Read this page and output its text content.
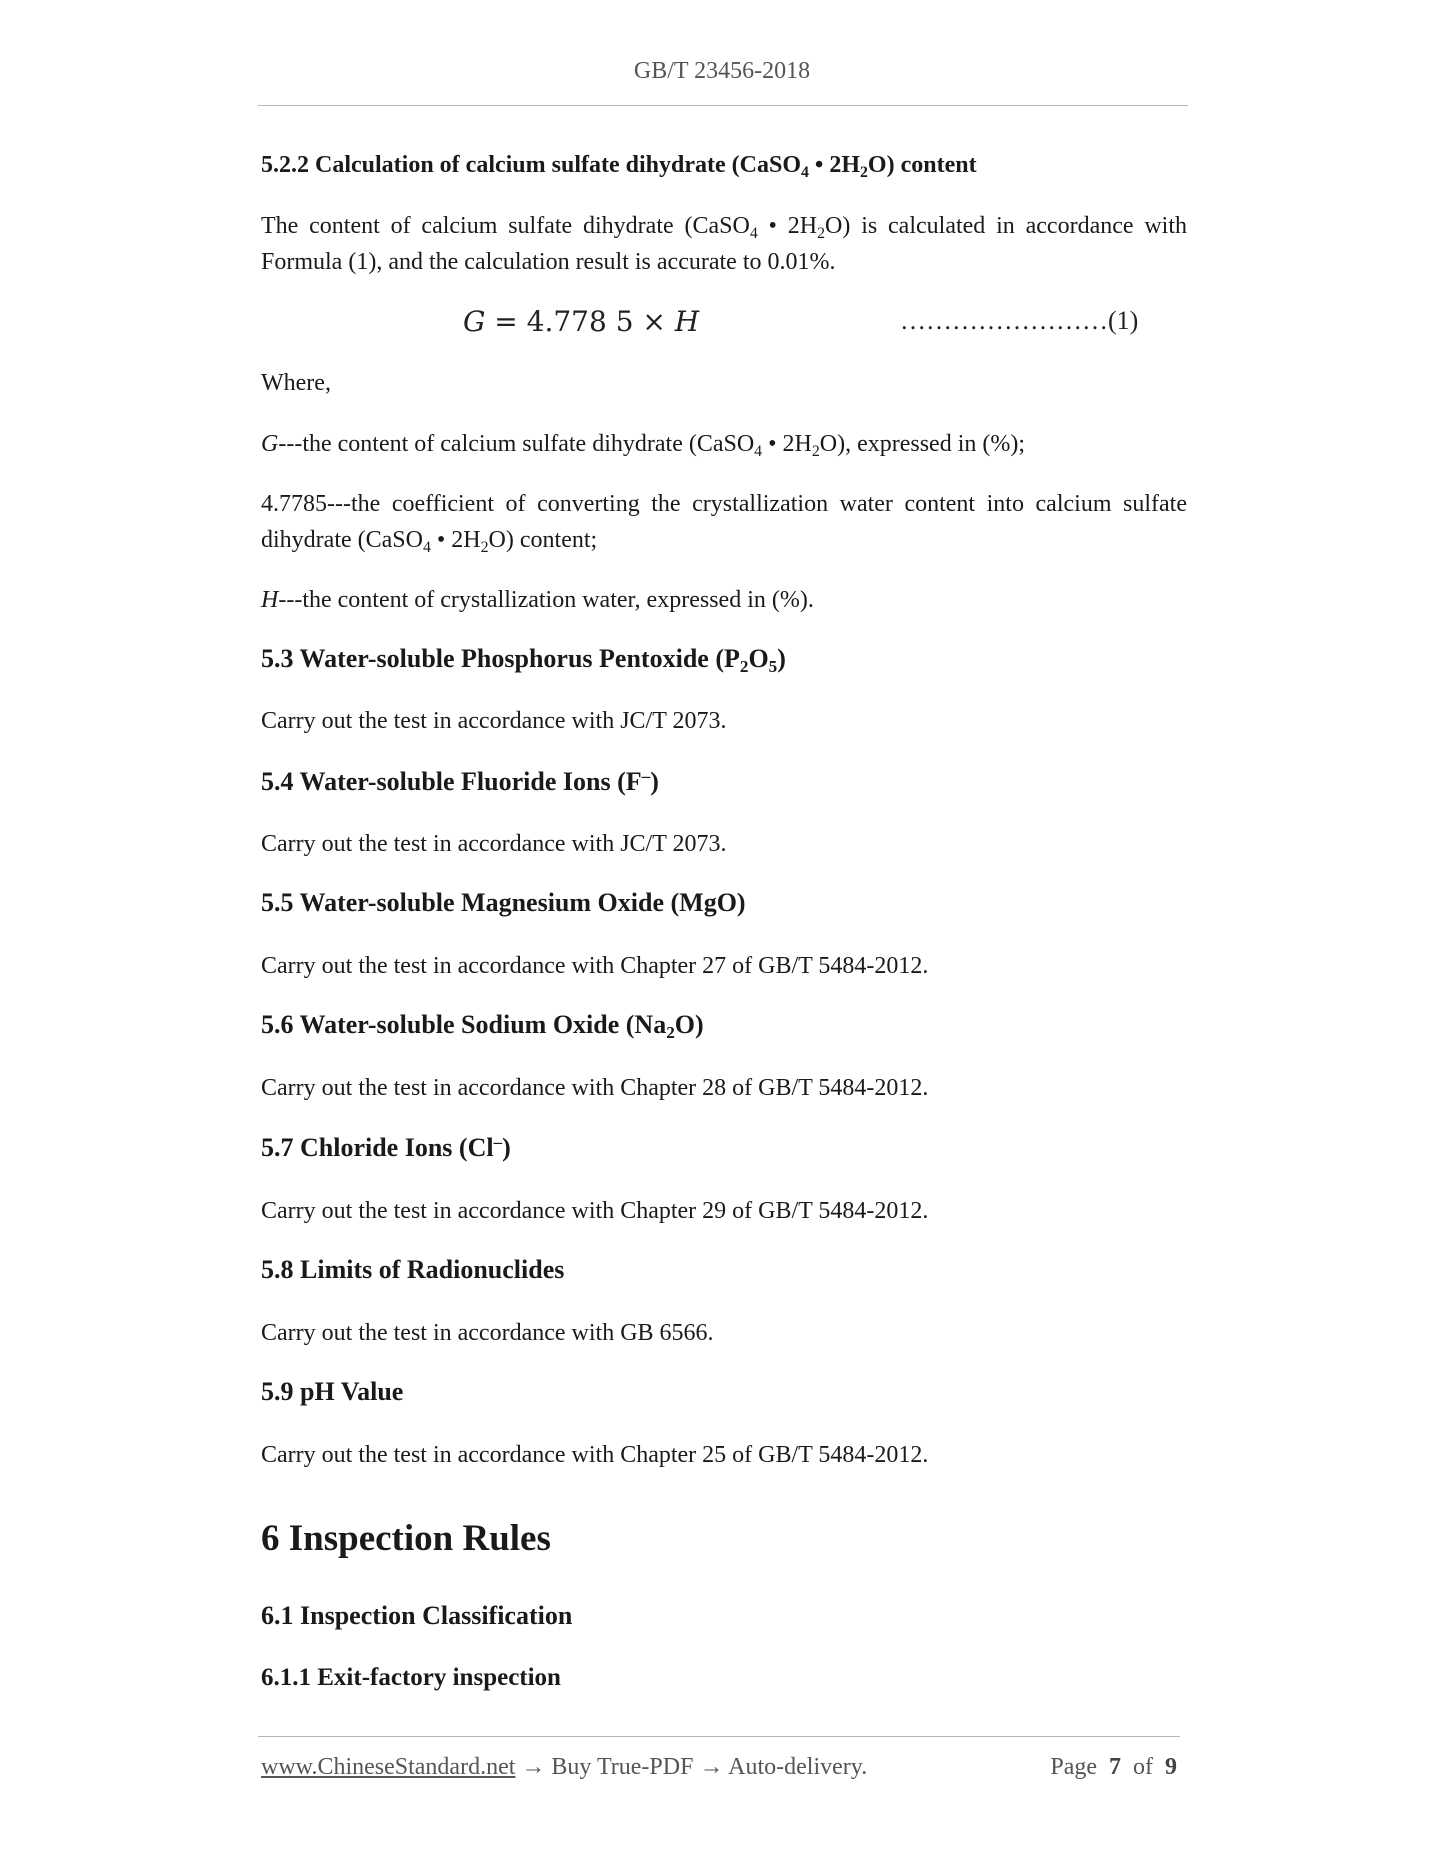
GB/T 23456-2018
5.2.2 Calculation of calcium sulfate dihydrate (CaSO$_4$ • $2H_2O$) content
The content of calcium sulfate dihydrate (CaSO$_4$ • $2H_2O$) is calculated in accordance with
Formula (1), and the calculation result is accurate to 0.01%.
G = 4.778 5 × H	……………………(1)
Where,
G---the content of calcium sulfate dihydrate (CaSO$_4$ • $2H_2O$), expressed in (%);
4.7785---the coefficient of converting the crystallization water content into calcium sulfate
dihydrate (CaSO$_4$ • $2H_2O$) content;
H---the content of crystallization water, expressed in (%).
5.3 Water-soluble Phosphorus Pentoxide $(P_2O_5)$
Carry out the test in accordance with JC/T 2073.
5.4 Water-soluble Fluoride Ions (F–)
Carry out the test in accordance with JC/T 2073.
5.5 Water-soluble Magnesium Oxide (MgO)
Carry out the test in accordance with Chapter 27 of GB/T 5484-2012.
5.6 Water-soluble Sodium Oxide $(Na_2O)$
Carry out the test in accordance with Chapter 28 of GB/T 5484-2012.
5.7 Chloride Ions (Cl–)
Carry out the test in accordance with Chapter 29 of GB/T 5484-2012.
5.8 Limits of Radionuclides
Carry out the test in accordance with GB 6566.
5.9 pH Value
Carry out the test in accordance with Chapter 25 of GB/T 5484-2012.
6 Inspection Rules
6.1 Inspection Classification
6.1.1 Exit-factory inspection
www.ChineseStandard.net → Buy True-PDF → Auto-delivery.	Page 7 of 9
